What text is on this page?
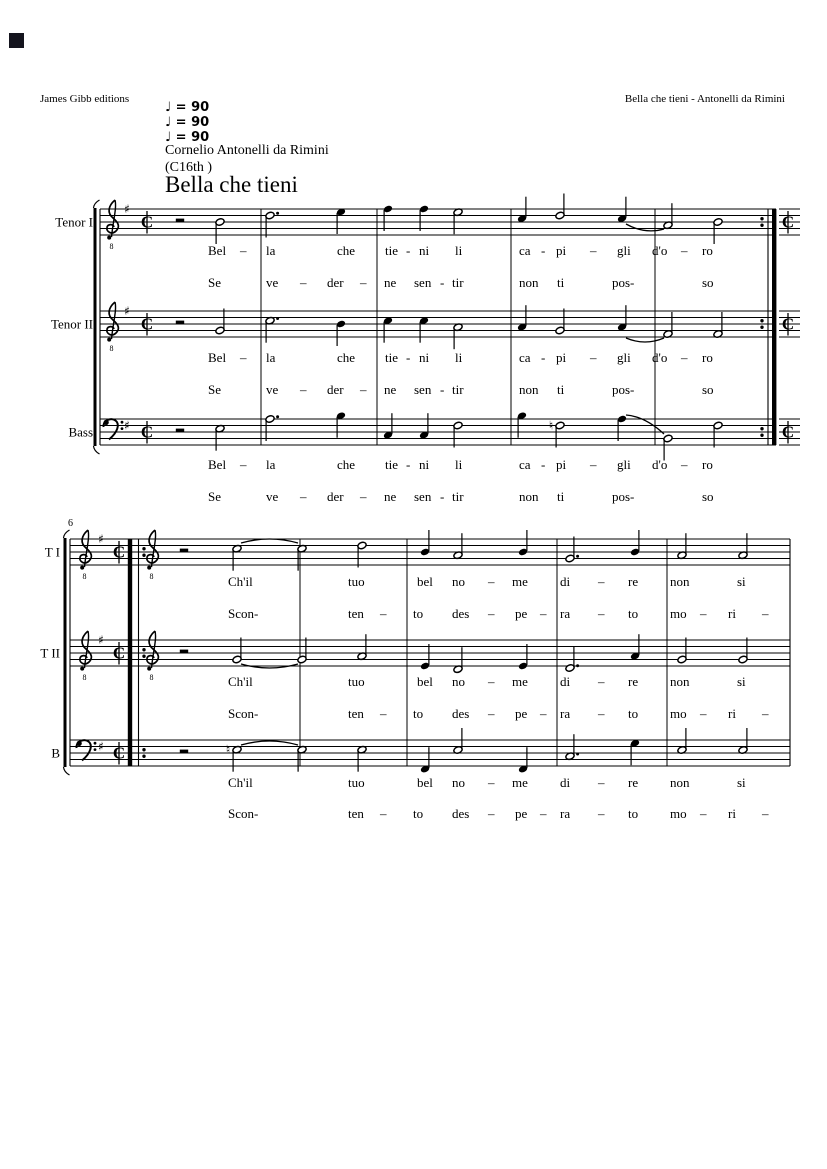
James Gibb editions	Bella che tieni - Antonelli da Rimini
♩ = 90
♩ = 90
♩ = 90
Cornelio Antonelli da Rimini
(C16th )
Bella che tieni
Tenor I
8
♯
C	C
Bel – la	che tie - ni li	ca - pi – gli d'o – ro
Se	ve – der – ne sen - tir	non ti	pos-	so
Tenor II
8
♯
C	C
Bel – la	che tie - ni li	ca - pi – gli d'o – ro
Se	ve – der – ne sen - tir	non ti	pos-	so
Bass	♯ C	C
♮
Bel – la	che tie - ni li	ca - pi – gli d'o – ro
Se	ve – der – ne sen - tir	non ti	pos-	so
6
T I
8
♯
C
8	Ch'il	tuo	bel no – me di – re non	si
Scon-	ten – to des – pe – ra – to mo – ri –
T II
8
♯
C
8	Ch'il	tuo	bel no – me di – re non	si
Scon-	ten – to des – pe – ra – to mo – ri –
B	♯ C	♮
Ch'il	tuo	bel no – me di – re non	si
Scon-	ten – to des – pe – ra – to mo – ri –
